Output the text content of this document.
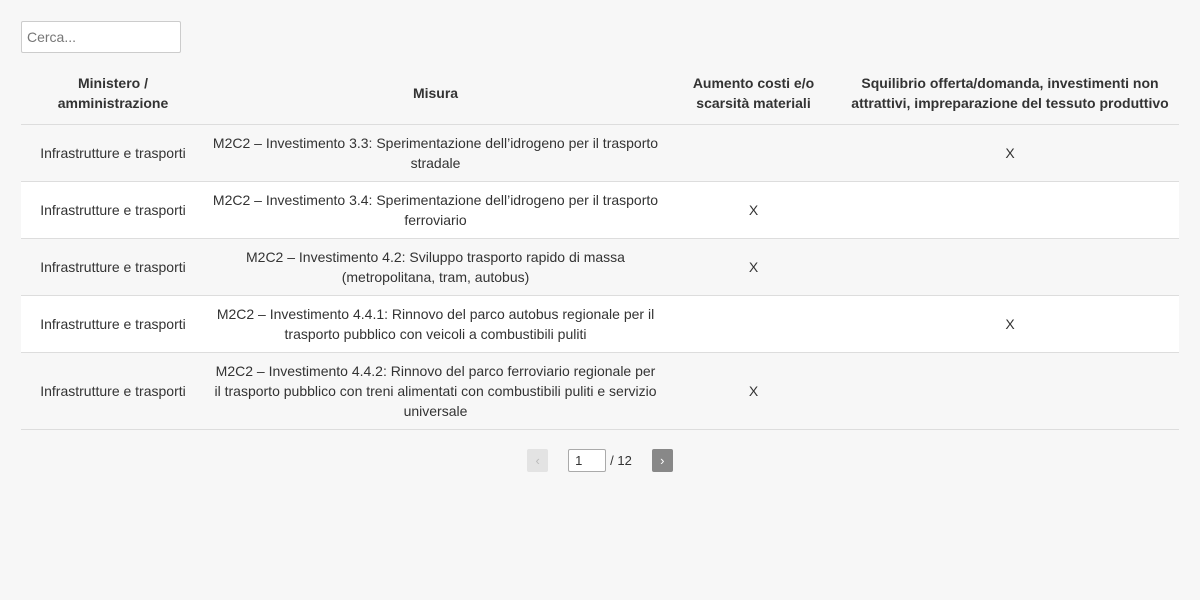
Cerca...
Ministero / amministrazione	Misura	Aumento costi e/o scarsità materiali	Squilibrio offerta/domanda, investimenti non attrattivi, impreparazione del tessuto produttivo
Infrastrutture e trasporti	M2C2 – Investimento 3.3: Sperimentazione dell’idrogeno per il trasporto stradale		X
Infrastrutture e trasporti	M2C2 – Investimento 3.4: Sperimentazione dell’idrogeno per il trasporto ferroviario	X	
Infrastrutture e trasporti	M2C2 – Investimento 4.2: Sviluppo trasporto rapido di massa (metropolitana, tram, autobus)	X	
Infrastrutture e trasporti	M2C2 – Investimento 4.4.1: Rinnovo del parco autobus regionale per il trasporto pubblico con veicoli a combustibili puliti		X
Infrastrutture e trasporti	M2C2 – Investimento 4.4.2: Rinnovo del parco ferroviario regionale per il trasporto pubblico con treni alimentati con combustibili puliti e servizio universale	X	
‹
1	/ 12	›
